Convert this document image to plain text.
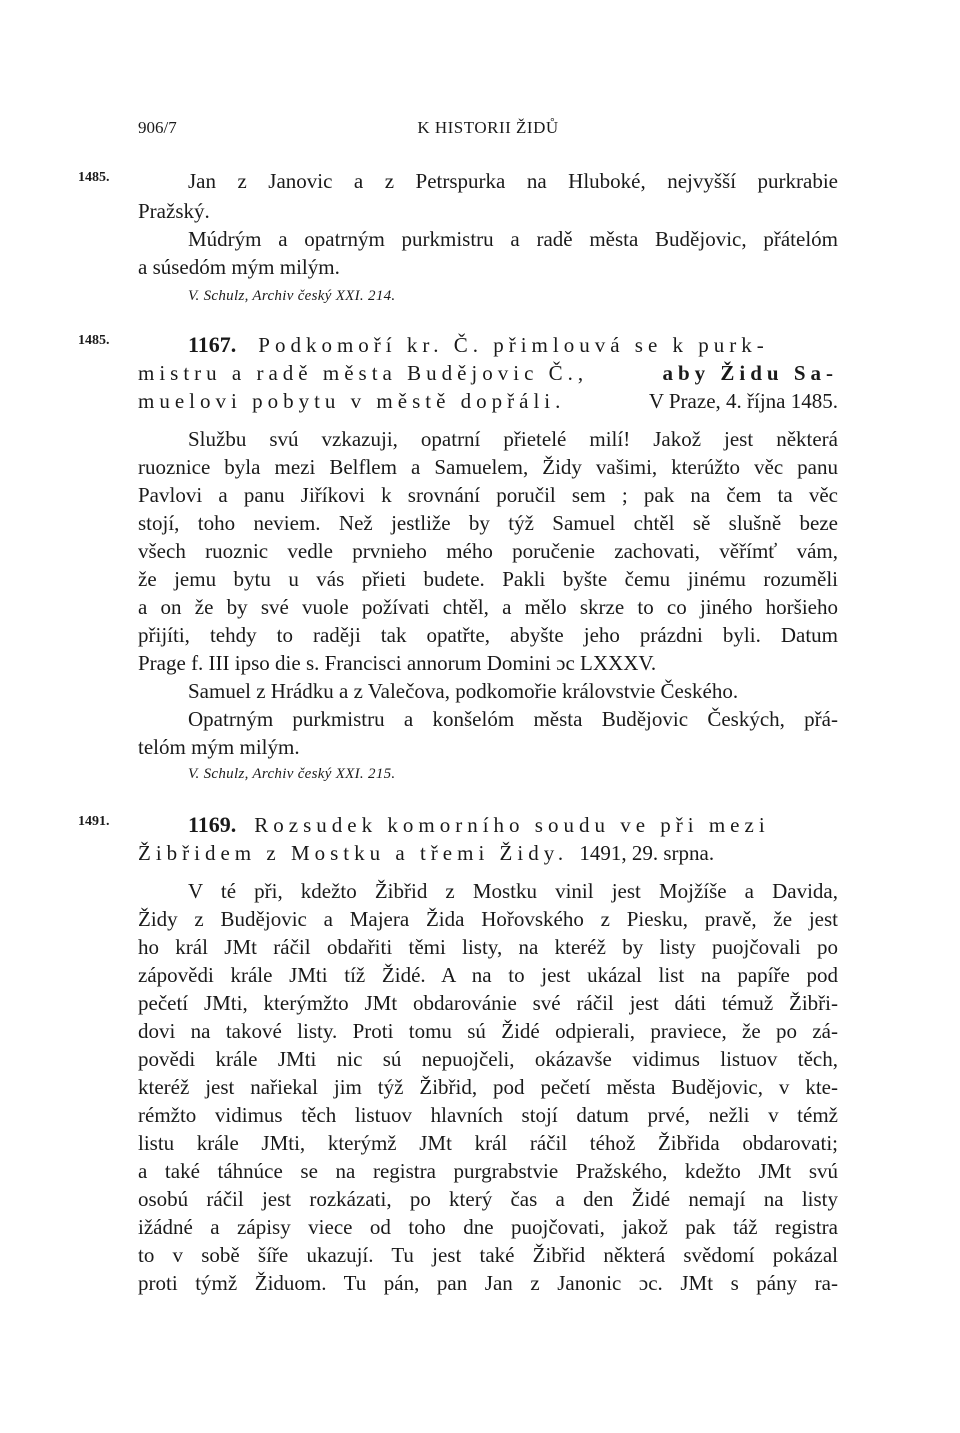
906/7	K HISTORII ŽIDŮ
1485.	Jan z Janovic a z Petrspurka na Hluboké, nejvyšší purkrabie
Pražský.
Múdrým a opatrným purkmistru a radě města Budějovic, přátelóm
a súsedóm mým milým.
V. Schulz, Archiv český XXI. 214.
1485.	1167. Podkomoří kr. Č. přimlouvá se k purk-
mistru a radě města Budějovic Č.,	aby Židu Sa-
muelovi pobytu v městě dopřáli.	V Praze, 4. října 1485.
Službu svú vzkazuji, opatrní přietelé milí! Jakož jest některá
ruoznice byla mezi Belflem a Samuelem, Židy vašimi, kterúžto věc panu
Pavlovi a panu Jiříkovi k srovnání poručil sem ; pak na čem ta věc
stojí, toho neviem. Než jestliže by týž Samuel chtěl sě slušně beze
všech ruoznic vedle prvnieho mého poručenie zachovati, věřímť vám,
že jemu bytu u vás přieti budete. Pakli byšte čemu jinému rozuměli
a on že by své vuole požívati chtěl, a mělo skrze to co jiného horšieho
přijíti, tehdy to raději tak opatřte, abyšte jeho prázdni byli. Datum
Prage f. III ipso die s. Francisci annorum Domini ɔc LXXXV.
Samuel z Hrádku a z Valečova, podkomořie královstvie Českého.
Opatrným purkmistru a konšelóm města Budějovic Českých, přá-
telóm mým milým.
V. Schulz, Archiv český XXI. 215.
1491.	1169. Rozsudek komorního soudu ve při mezi
Žibřidem z Mostku a třemi Židy. 1491, 29. srpna.
V té při, kdežto Žibřid z Mostku vinil jest Mojžíše a Davida,
Židy z Budějovic a Majera Žida Hořovského z Piesku, pravě, že jest
ho král JMt ráčil obdařiti těmi listy, na kteréž by listy puojčovali po
zápovědi krále JMti tíž Židé. A na to jest ukázal list na papíře pod
pečetí JMti, kterýmžto JMt obdarovánie své ráčil jest dáti témuž Žibři-
dovi na takové listy. Proti tomu sú Židé odpierali, praviece, že po zá-
povědi krále JMti nic sú nepuojčeli, okázavše vidimus listuov těch,
kteréž jest nařiekal jim týž Žibřid, pod pečetí města Budějovic, v kte-
rémžto vidimus těch listuov hlavních stojí datum prvé, nežli v témž
listu krále JMti, kterýmž JMt král ráčil téhož Žibřida obdarovati;
a také táhnúce se na registra purgrabstvie Pražského, kdežto JMt svú
osobú ráčil jest rozkázati, po který čas a den Židé nemají na listy
ižádné a zápisy viece od toho dne puojčovati, jakož pak táž registra
to v sobě šíře ukazují. Tu jest také Žibřid některá svědomí pokázal
proti týmž Židuom. Tu pán, pan Jan z Janonic ɔc. JMt s pány ra-
